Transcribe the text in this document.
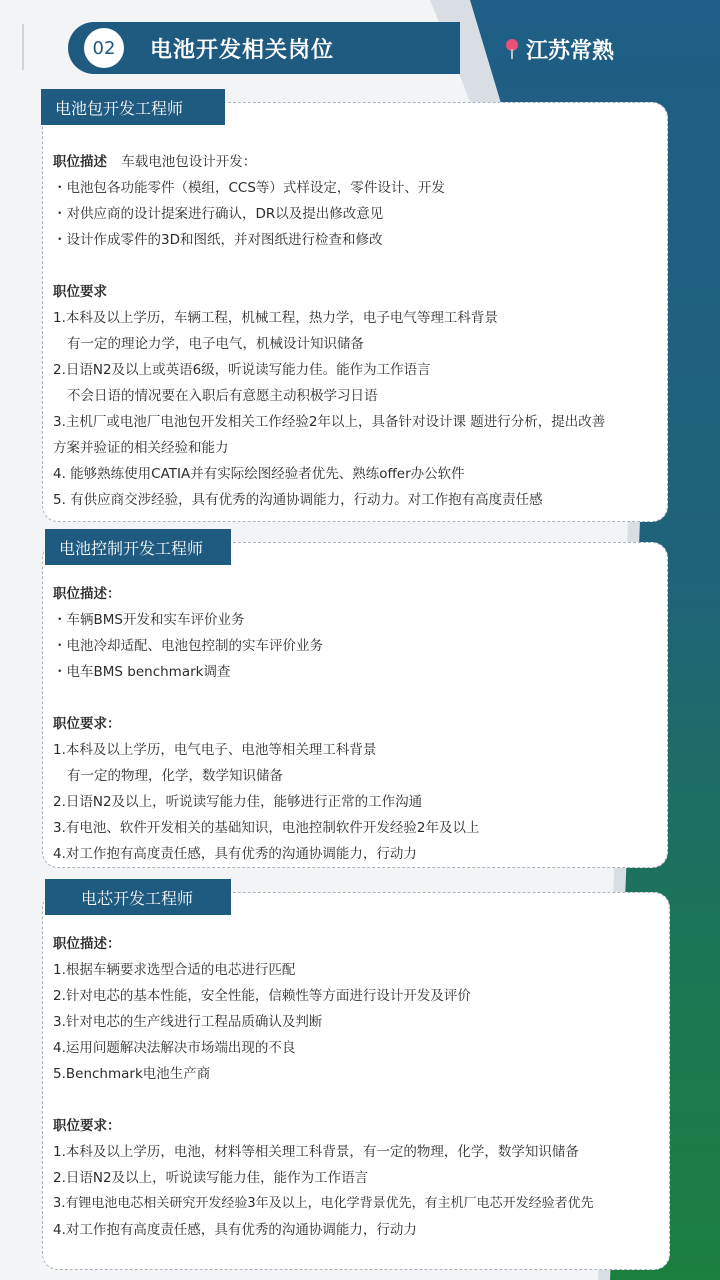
02	电池开发相关岗位	江苏常熟
电池包开发工程师
职位描述 车载电池包设计开发：
・电池包各功能零件（模组，CCS等）式样设定，零件设计、开发
・对供应商的设计提案进行确认，DR以及提出修改意见
・设计作成零件的3D和图纸，并对图纸进行检查和修改
职位要求
1.本科及以上学历，车辆工程，机械工程，热力学，电子电气等理工科背景
有一定的理论力学，电子电气，机械设计知识储备
2.日语N2及以上或英语6级，听说读写能力佳。能作为工作语言
不会日语的情况要在入职后有意愿主动积极学习日语
3.主机厂或电池厂电池包开发相关工作经验2年以上，具备针对设计课 题进行分析，提出改善
方案并验证的相关经验和能力
4. 能够熟练使用CATIA并有实际绘图经验者优先、熟练offer办公软件
5. 有供应商交涉经验，具有优秀的沟通协调能力，行动力。对工作抱有高度责任感
电池控制开发工程师
职位描述：
・车辆BMS开发和实车评价业务
・电池冷却适配、电池包控制的实车评价业务
・电车BMS benchmark调查
职位要求：
1.本科及以上学历，电气电子、电池等相关理工科背景
有一定的物理，化学，数学知识储备
2.日语N2及以上，听说读写能力佳，能够进行正常的工作沟通
3.有电池、软件开发相关的基础知识，电池控制软件开发经验2年及以上
4.对工作抱有高度责任感，具有优秀的沟通协调能力，行动力
电芯开发工程师
职位描述：
1.根据车辆要求选型合适的电芯进行匹配
2.针对电芯的基本性能，安全性能，信赖性等方面进行设计开发及评价
3.针对电芯的生产线进行工程品质确认及判断
4.运用问题解决法解决市场端出现的不良
5.Benchmark电池生产商
职位要求：
1.本科及以上学历，电池，材料等相关理工科背景，有一定的物理，化学，数学知识储备
2.日语N2及以上，听说读写能力佳，能作为工作语言
3.有锂电池电芯相关研究开发经验3年及以上，电化学背景优先，有主机厂电芯开发经验者优先
4.对工作抱有高度责任感，具有优秀的沟通协调能力，行动力
服务号 · 丰田研发中心招聘
